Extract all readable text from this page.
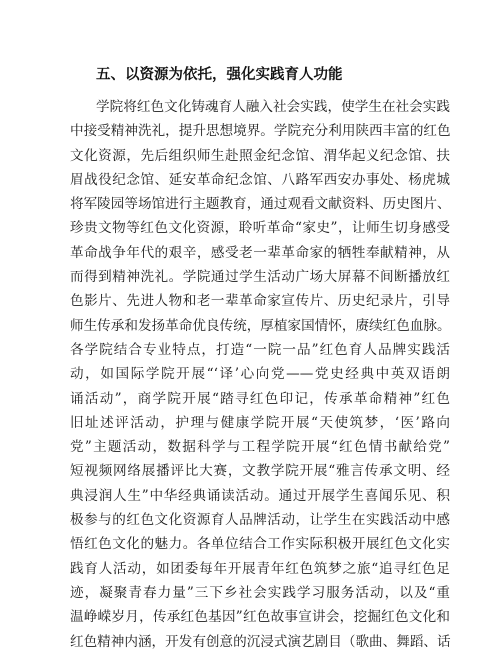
五、以资源为依托，强化实践育人功能
学院将红色文化铸魂育人融入社会实践，使学生在社会实践
中接受精神洗礼，提升思想境界。学院充分利用陕西丰富的红色
文化资源，先后组织师生赴照金纪念馆、渭华起义纪念馆、扶
眉战役纪念馆、延安革命纪念馆、八路军西安办事处、杨虎城
将军陵园等场馆进行主题教育，通过观看文献资料、历史图片、
珍贵文物等红色文化资源，聆听革命“家史”，让师生切身感受
革命战争年代的艰辛，感受老一辈革命家的牺牲奉献精神，从
而得到精神洗礼。学院通过学生活动广场大屏幕不间断播放红
色影片、先进人物和老一辈革命家宣传片、历史纪录片，引导
师生传承和发扬革命优良传统，厚植家国情怀，赓续红色血脉。
各学院结合专业特点，打造“一院一品”红色育人品牌实践活
动，如国际学院开展“‘译’心向党——党史经典中英双语朗
诵活动”，商学院开展“踏寻红色印记，传承革命精神”红色
旧址述评活动，护理与健康学院开展“天使筑梦，‘医’路向
党”主题活动，数据科学与工程学院开展“红色情书献给党”
短视频网络展播评比大赛，文教学院开展“雅言传承文明、经
典浸润人生”中华经典诵读活动。通过开展学生喜闻乐见、积
极参与的红色文化资源育人品牌活动，让学生在实践活动中感
悟红色文化的魅力。各单位结合工作实际积极开展红色文化实
践育人活动，如团委每年开展青年红色筑梦之旅“追寻红色足
迹，凝聚青春力量”三下乡社会实践学习服务活动，以及“重
温峥嵘岁月，传承红色基因”红色故事宣讲会，挖掘红色文化和
红色精神内涵，开发有创意的沉浸式演艺剧目（歌曲、舞蹈、话
